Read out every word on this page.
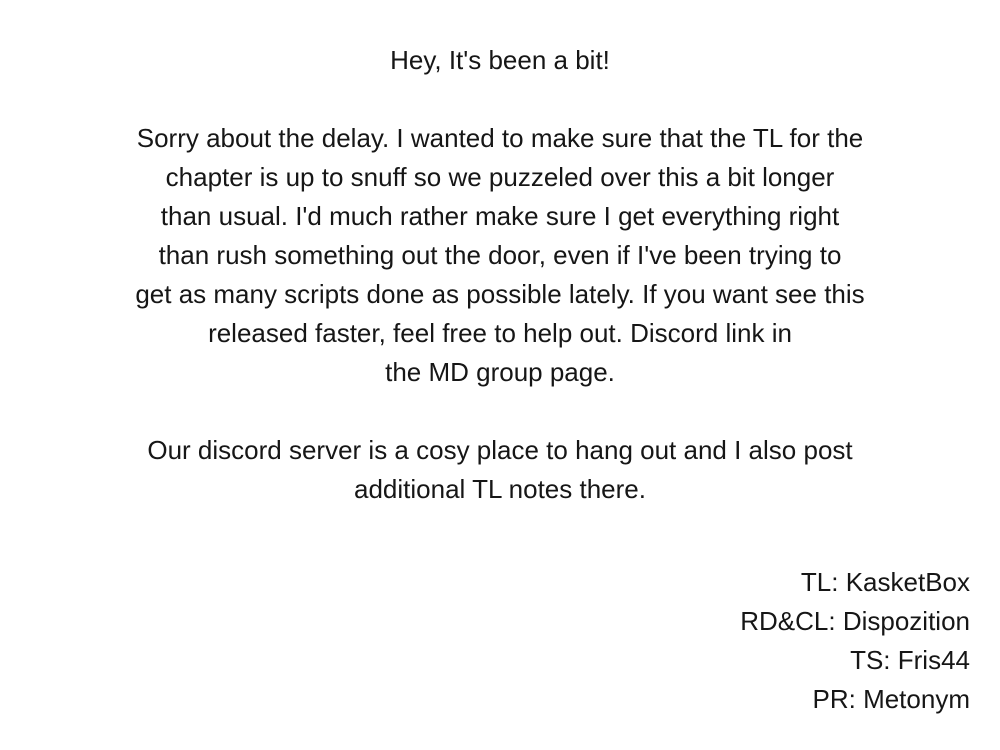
Hey, It's been a bit!
Sorry about the delay. I wanted to make sure that the TL for the
chapter is up to snuff so we puzzeled over this a bit longer
than usual. I'd much rather make sure I get everything right
than rush something out the door, even if I've been trying to
get as many scripts done as possible lately. If you want see this
released faster, feel free to help out. Discord link in
the MD group page.
Our discord server is a cosy place to hang out and I also post
additional TL notes there.
TL: KasketBox
RD&CL: Dispozition
TS: Fris44
PR: Metonym
